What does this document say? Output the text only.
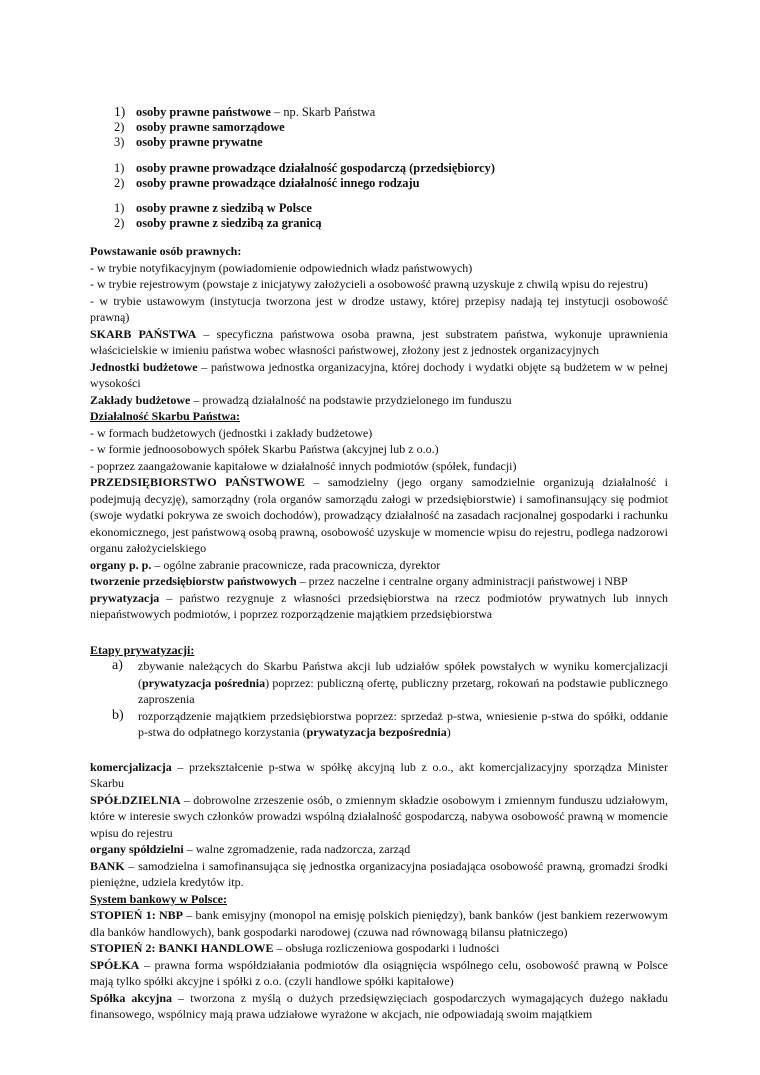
1) osoby prawne państwowe – np. Skarb Państwa
2) osoby prawne samorządowe
3) osoby prawne prywatne
1) osoby prawne prowadzące działalność gospodarczą (przedsiębiorcy)
2) osoby prawne prowadzące działalność innego rodzaju
1) osoby prawne z siedzibą w Polsce
2) osoby prawne z siedzibą za granicą

Powstawanie osób prawnych:

- w trybie notyfikacyjnym (powiadomienie odpowiednich władz państwowych)

- w trybie rejestrowym (powstaje z inicjatywy założycieli a osobowość prawną uzyskuje z chwilą wpisu do rejestru)

- w trybie ustawowym (instytucja tworzona jest w drodze ustawy, której przepisy nadają tej instytucji osobowość prawną)

SKARB PAŃSTWA – specyficzna państwowa osoba prawna, jest substratem państwa, wykonuje uprawnienia właścicielskie w imieniu państwa wobec własności państwowej, złożony jest z jednostek organizacyjnych

Jednostki budżetowe – państwowa jednostka organizacyjna, której dochody i wydatki objęte są budżetem w w pełnej wysokości

Zakłady budżetowe – prowadzą działalność na podstawie przydzielonego im funduszu

Działalność Skarbu Państwa:

- w formach budżetowych (jednostki i zakłady budżetowe)

- w formie jednoosobowych spółek Skarbu Państwa (akcyjnej lub z o.o.)

- poprzez zaangażowanie kapitałowe w działalność innych podmiotów (spółek, fundacji)

PRZEDSIĘBIORSTWO PAŃSTWOWE – samodzielny (jego organy samodzielnie organizują działalność i podejmują decyzję), samorządny (rola organów samorządu załogi w przedsiębiorstwie) i samofinansujący się podmiot (swoje wydatki pokrywa ze swoich dochodów), prowadzący działalność na zasadach racjonalnej gospodarki i rachunku ekonomicznego, jest państwową osobą prawną, osobowość uzyskuje w momencie wpisu do rejestru, podlega nadzorowi organu założycielskiego

organy p. p. – ogólne zabranie pracownicze, rada pracownicza, dyrektor

tworzenie przedsiębiorstw państwowych – przez naczelne i centralne organy administracji państwowej i NBP

prywatyzacja – państwo rezygnuje z własności przedsiębiorstwa na rzecz podmiotów prywatnych lub innych niepaństwowych podmiotów, i poprzez rozporządzenie majątkiem przedsiębiorstwa

Etapy prywatyzacji:

a)	zbywanie należących do Skarbu Państwa akcji lub udziałów spółek powstałych w wyniku komercjalizacji (prywatyzacja pośrednia) poprzez: publiczną ofertę, publiczny przetarg, rokowań na podstawie publicznego zaproszenia
b)	rozporządzenie majątkiem przedsiębiorstwa poprzez: sprzedaż p-stwa, wniesienie p-stwa do spółki, oddanie p-stwa do odpłatnego korzystania (prywatyzacja bezpośrednia)

komercjalizacja – przekształcenie p-stwa w spółkę akcyjną lub z o.o., akt komercjalizacyjny sporządza Minister Skarbu

SPÓŁDZIELNIA – dobrowolne zrzeszenie osób, o zmiennym składzie osobowym i zmiennym funduszu udziałowym, które w interesie swych członków prowadzi wspólną działalność gospodarczą, nabywa osobowość prawną w momencie wpisu do rejestru

organy spółdzielni – walne zgromadzenie, rada nadzorcza, zarząd

BANK – samodzielna i samofinansująca się jednostka organizacyjna posiadająca osobowość prawną, gromadzi środki pieniężne, udziela kredytów itp.

System bankowy w Polsce:

STOPIEŃ 1: NBP – bank emisyjny (monopol na emisję polskich pieniędzy), bank banków (jest bankiem rezerwowym dla banków handlowych), bank gospodarki narodowej (czuwa nad równowagą bilansu płatniczego)

STOPIEŃ 2: BANKI HANDLOWE – obsługa rozliczeniowa gospodarki i ludności

SPÓŁKA – prawna forma współdziałania podmiotów dla osiągnięcia wspólnego celu, osobowość prawną w Polsce mają tylko spółki akcyjne i spółki z o.o. (czyli handlowe spółki kapitałowe)

Spółka akcyjna – tworzona z myślą o dużych przedsięwzięciach gospodarczych wymagających dużego nakładu finansowego, wspólnicy mają prawa udziałowe wyrażone w akcjach, nie odpowiadają swoim majątkiem
